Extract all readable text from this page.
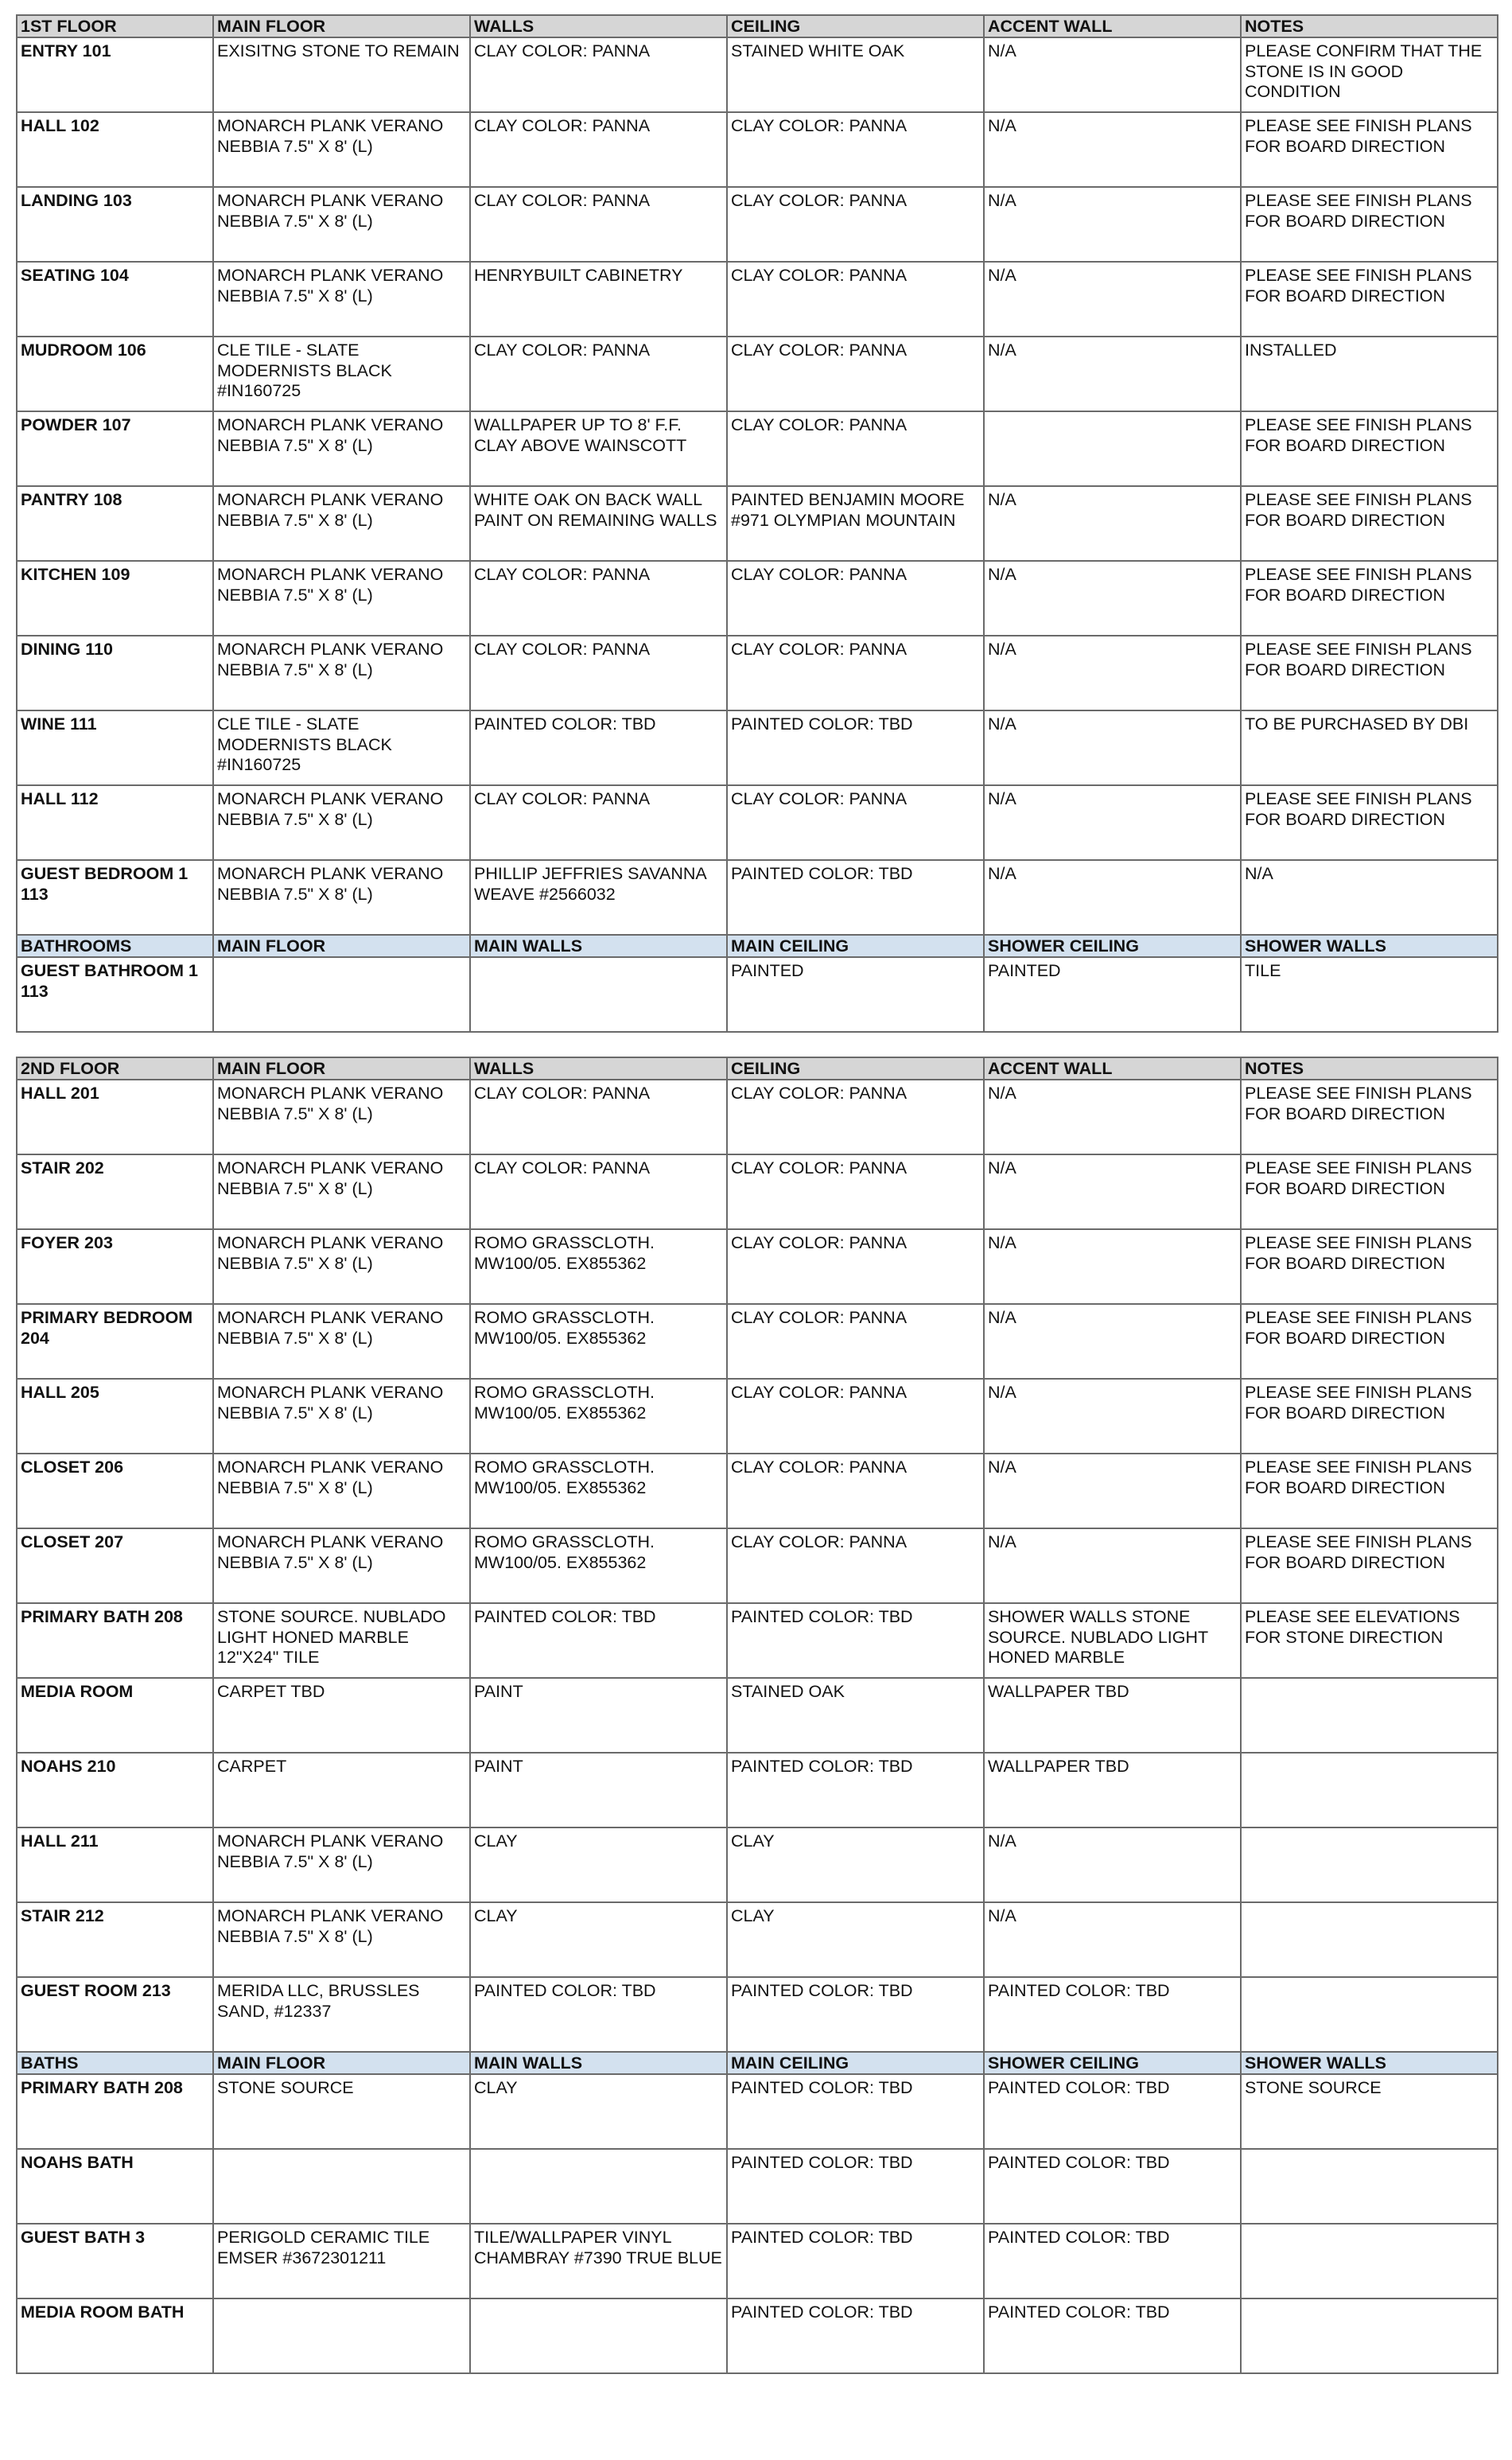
1ST FLOOR	MAIN FLOOR	WALLS	CEILING	ACCENT WALL	NOTES
ENTRY 101	EXISITNG STONE TO REMAIN	CLAY COLOR: PANNA	STAINED WHITE OAK	N/A	PLEASE CONFIRM THAT THE STONE IS IN GOOD CONDITION
HALL 102	MONARCH PLANK VERANO NEBBIA 7.5" X 8' (L)	CLAY COLOR: PANNA	CLAY COLOR: PANNA	N/A	PLEASE SEE FINISH PLANS FOR BOARD DIRECTION
LANDING 103	MONARCH PLANK VERANO NEBBIA 7.5" X 8' (L)	CLAY COLOR: PANNA	CLAY COLOR: PANNA	N/A	PLEASE SEE FINISH PLANS FOR BOARD DIRECTION
SEATING 104	MONARCH PLANK VERANO NEBBIA 7.5" X 8' (L)	HENRYBUILT CABINETRY	CLAY COLOR: PANNA	N/A	PLEASE SEE FINISH PLANS FOR BOARD DIRECTION
MUDROOM 106	CLE TILE - SLATE MODERNISTS BLACK #IN160725	CLAY COLOR: PANNA	CLAY COLOR: PANNA	N/A	INSTALLED
POWDER 107	MONARCH PLANK VERANO NEBBIA 7.5" X 8' (L)	WALLPAPER UP TO 8' F.F. CLAY ABOVE WAINSCOTT	CLAY COLOR: PANNA		PLEASE SEE FINISH PLANS FOR BOARD DIRECTION
PANTRY 108	MONARCH PLANK VERANO NEBBIA 7.5" X 8' (L)	WHITE OAK ON BACK WALL PAINT ON REMAINING WALLS	PAINTED BENJAMIN MOORE #971 OLYMPIAN MOUNTAIN	N/A	PLEASE SEE FINISH PLANS FOR BOARD DIRECTION
KITCHEN 109	MONARCH PLANK VERANO NEBBIA 7.5" X 8' (L)	CLAY COLOR: PANNA	CLAY COLOR: PANNA	N/A	PLEASE SEE FINISH PLANS FOR BOARD DIRECTION
DINING 110	MONARCH PLANK VERANO NEBBIA 7.5" X 8' (L)	CLAY COLOR: PANNA	CLAY COLOR: PANNA	N/A	PLEASE SEE FINISH PLANS FOR BOARD DIRECTION
WINE 111	CLE TILE - SLATE MODERNISTS BLACK #IN160725	PAINTED COLOR: TBD	PAINTED COLOR: TBD	N/A	TO BE PURCHASED BY DBI
HALL 112	MONARCH PLANK VERANO NEBBIA 7.5" X 8' (L)	CLAY COLOR: PANNA	CLAY COLOR: PANNA	N/A	PLEASE SEE FINISH PLANS FOR BOARD DIRECTION
GUEST BEDROOM 1 113	MONARCH PLANK VERANO NEBBIA 7.5" X 8' (L)	PHILLIP JEFFRIES SAVANNA WEAVE #2566032	PAINTED COLOR: TBD	N/A	N/A
BATHROOMS	MAIN FLOOR	MAIN WALLS	MAIN CEILING	SHOWER CEILING	SHOWER WALLS
GUEST BATHROOM 1 113			PAINTED	PAINTED	TILE
2ND FLOOR	MAIN FLOOR	WALLS	CEILING	ACCENT WALL	NOTES
HALL 201	MONARCH PLANK VERANO NEBBIA 7.5" X 8' (L)	CLAY COLOR: PANNA	CLAY COLOR: PANNA	N/A	PLEASE SEE FINISH PLANS FOR BOARD DIRECTION
STAIR 202	MONARCH PLANK VERANO NEBBIA 7.5" X 8' (L)	CLAY COLOR: PANNA	CLAY COLOR: PANNA	N/A	PLEASE SEE FINISH PLANS FOR BOARD DIRECTION
FOYER 203	MONARCH PLANK VERANO NEBBIA 7.5" X 8' (L)	ROMO GRASSCLOTH. MW100/05. EX855362	CLAY COLOR: PANNA	N/A	PLEASE SEE FINISH PLANS FOR BOARD DIRECTION
PRIMARY BEDROOM 204	MONARCH PLANK VERANO NEBBIA 7.5" X 8' (L)	ROMO GRASSCLOTH. MW100/05. EX855362	CLAY COLOR: PANNA	N/A	PLEASE SEE FINISH PLANS FOR BOARD DIRECTION
HALL 205	MONARCH PLANK VERANO NEBBIA 7.5" X 8' (L)	ROMO GRASSCLOTH. MW100/05. EX855362	CLAY COLOR: PANNA	N/A	PLEASE SEE FINISH PLANS FOR BOARD DIRECTION
CLOSET 206	MONARCH PLANK VERANO NEBBIA 7.5" X 8' (L)	ROMO GRASSCLOTH. MW100/05. EX855362	CLAY COLOR: PANNA	N/A	PLEASE SEE FINISH PLANS FOR BOARD DIRECTION
CLOSET 207	MONARCH PLANK VERANO NEBBIA 7.5" X 8' (L)	ROMO GRASSCLOTH. MW100/05. EX855362	CLAY COLOR: PANNA	N/A	PLEASE SEE FINISH PLANS FOR BOARD DIRECTION
PRIMARY BATH 208	STONE SOURCE. NUBLADO LIGHT HONED MARBLE 12"X24" TILE	PAINTED COLOR: TBD	PAINTED COLOR: TBD	SHOWER WALLS STONE SOURCE. NUBLADO LIGHT HONED MARBLE	PLEASE SEE ELEVATIONS FOR STONE DIRECTION
MEDIA ROOM	CARPET TBD	PAINT	STAINED OAK	WALLPAPER TBD	
NOAHS 210	CARPET	PAINT	PAINTED COLOR: TBD	WALLPAPER TBD	
HALL 211	MONARCH PLANK VERANO NEBBIA 7.5" X 8' (L)	CLAY	CLAY	N/A	
STAIR 212	MONARCH PLANK VERANO NEBBIA 7.5" X 8' (L)	CLAY	CLAY	N/A	
GUEST ROOM 213	MERIDA LLC, BRUSSLES SAND, #12337	PAINTED COLOR: TBD	PAINTED COLOR: TBD	PAINTED COLOR: TBD	
BATHS	MAIN FLOOR	MAIN WALLS	MAIN CEILING	SHOWER CEILING	SHOWER WALLS
PRIMARY BATH 208	STONE SOURCE	CLAY	PAINTED COLOR: TBD	PAINTED COLOR: TBD	STONE SOURCE
NOAHS BATH			PAINTED COLOR: TBD	PAINTED COLOR: TBD	
GUEST BATH 3	PERIGOLD CERAMIC TILE EMSER #3672301211	TILE/WALLPAPER VINYL CHAMBRAY #7390 TRUE BLUE	PAINTED COLOR: TBD	PAINTED COLOR: TBD	
MEDIA ROOM BATH			PAINTED COLOR: TBD	PAINTED COLOR: TBD	
